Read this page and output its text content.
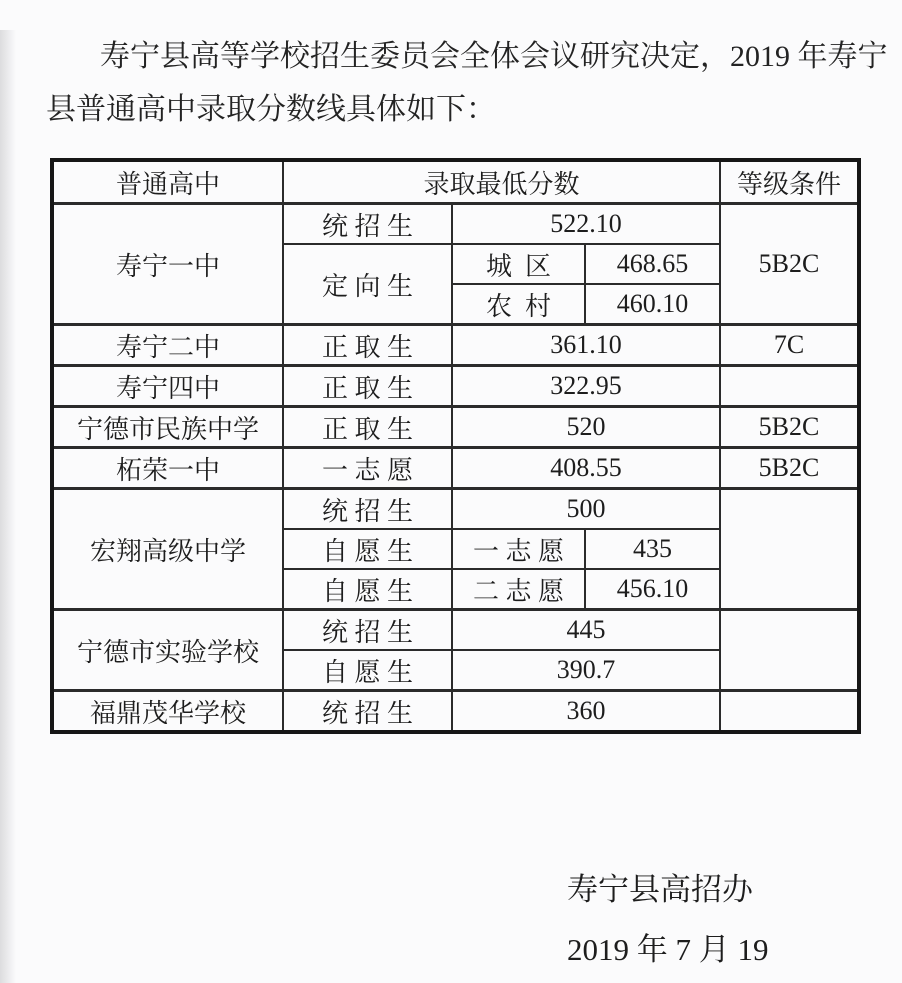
寿宁县高等学校招生委员会全体会议研究决定，2019 年寿宁
县普通高中录取分数线具体如下：
普通高中	录取最低分数			等级条件
寿宁一中	统 招 生	522.10		5B2C
	定 向 生	城  区	468.65	
		农  村	460.10	
寿宁二中	正 取 生	361.10		7C
寿宁四中	正 取 生	322.95		
宁德市民族中学	正 取 生	520		5B2C
柘荣一中	一 志 愿	408.55		5B2C
宏翔高级中学	统 招 生	500		
	自 愿 生	一 志 愿	435	
	自 愿 生	二 志 愿	456.10	
宁德市实验学校	统 招 生	445		
	自 愿 生	390.7		
福鼎茂华学校	统 招 生	360		
寿宁县高招办
2019 年 7 月 19
